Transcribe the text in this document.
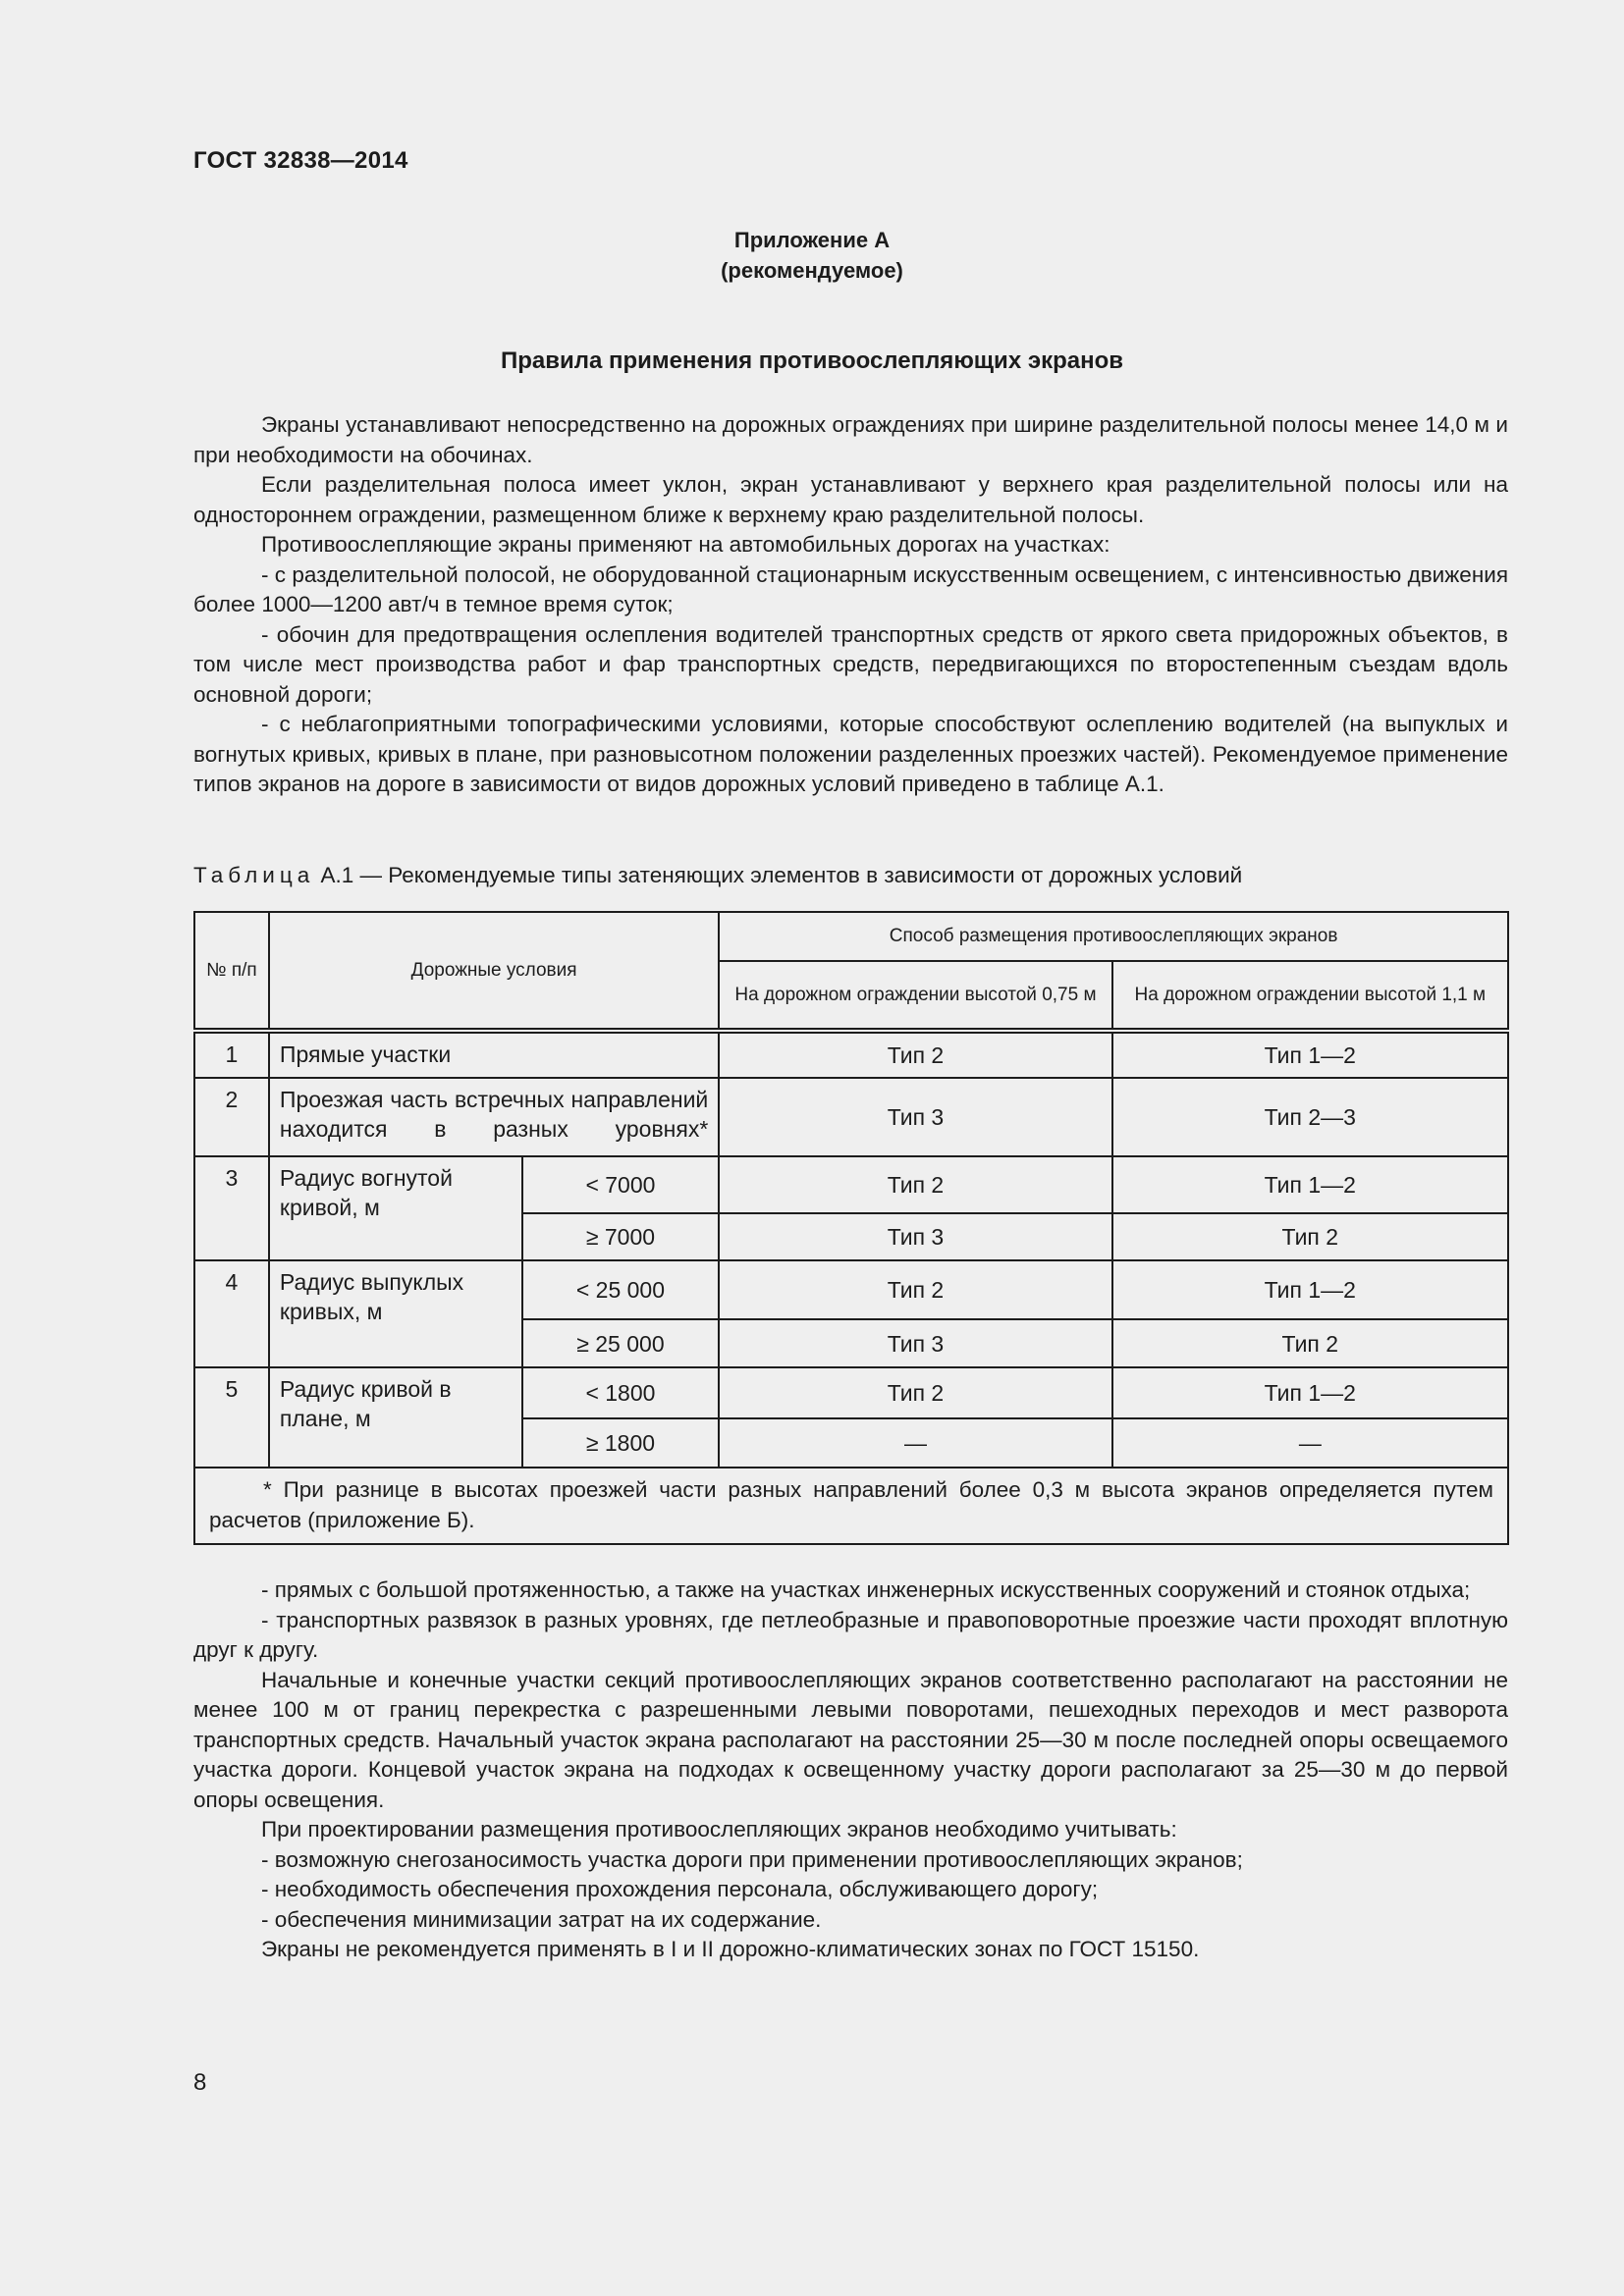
ГОСТ 32838—2014
Приложение А
(рекомендуемое)
Правила применения противоослепляющих экранов

Экраны устанавливают непосредственно на дорожных ограждениях при ширине разделительной полосы менее 14,0 м и при необходимости на обочинах.

Если разделительная полоса имеет уклон, экран устанавливают у верхнего края разделительной полосы или на одностороннем ограждении, размещенном ближе к верхнему краю разделительной полосы.

Противоослепляющие экраны применяют на автомобильных дорогах на участках:

- с разделительной полосой, не оборудованной стационарным искусственным освещением, с интенсивностью движения более 1000—1200 авт/ч в темное время суток;

- обочин для предотвращения ослепления водителей транспортных средств от яркого света придорожных объектов, в том числе мест производства работ и фар транспортных средств, передвигающихся по второстепенным съездам вдоль основной дороги;

- с неблагоприятными топографическими условиями, которые способствуют ослеплению водителей (на выпуклых и вогнутых кривых, кривых в плане, при разновысотном положении разделенных проезжих частей). Рекомендуемое применение типов экранов на дороге в зависимости от видов дорожных условий приведено в таблице А.1.

Таблица А.1 — Рекомендуемые типы затеняющих элементов в зависимости от дорожных условий
№ п/п	Дорожные условия		Способ размещения противоослепляющих экранов	
			На дорожном ограждении высотой 0,75 м	На дорожном ограждении высотой 1,1 м
1	Прямые участки		Тип 2	Тип 1—2
2	Проезжая часть встречных направлений находится в разных уровнях*		Тип 3	Тип 2—3
3	Радиус вогнутой кривой, м	< 7000	Тип 2	Тип 1—2
		≥ 7000	Тип 3	Тип 2
4	Радиус выпуклых кривых, м	< 25 000	Тип 2	Тип 1—2
		≥ 25 000	Тип 3	Тип 2
5	Радиус кривой в плане, м	< 1800	Тип 2	Тип 1—2
		≥ 1800	—	—
* При разнице в высотах проезжей части разных направлений более 0,3 м высота экранов определяется путем расчетов (приложение Б).				

- прямых с большой протяженностью, а также на участках инженерных искусственных сооружений и стоянок отдыха;

- транспортных развязок в разных уровнях, где петлеобразные и правоповоротные проезжие части проходят вплотную друг к другу.

Начальные и конечные участки секций противоослепляющих экранов соответственно располагают на расстоянии не менее 100 м от границ перекрестка с разрешенными левыми поворотами, пешеходных переходов и мест разворота транспортных средств. Начальный участок экрана располагают на расстоянии 25—30 м после последней опоры освещаемого участка дороги. Концевой участок экрана на подходах к освещенному участку дороги располагают за 25—30 м до первой опоры освещения.

При проектировании размещения противоослепляющих экранов необходимо учитывать:

- возможную снегозаносимость участка дороги при применении противоослепляющих экранов;

- необходимость обеспечения прохождения персонала, обслуживающего дорогу;

- обеспечения минимизации затрат на их содержание.

Экраны не рекомендуется применять в I и II дорожно-климатических зонах по ГОСТ 15150.

8
